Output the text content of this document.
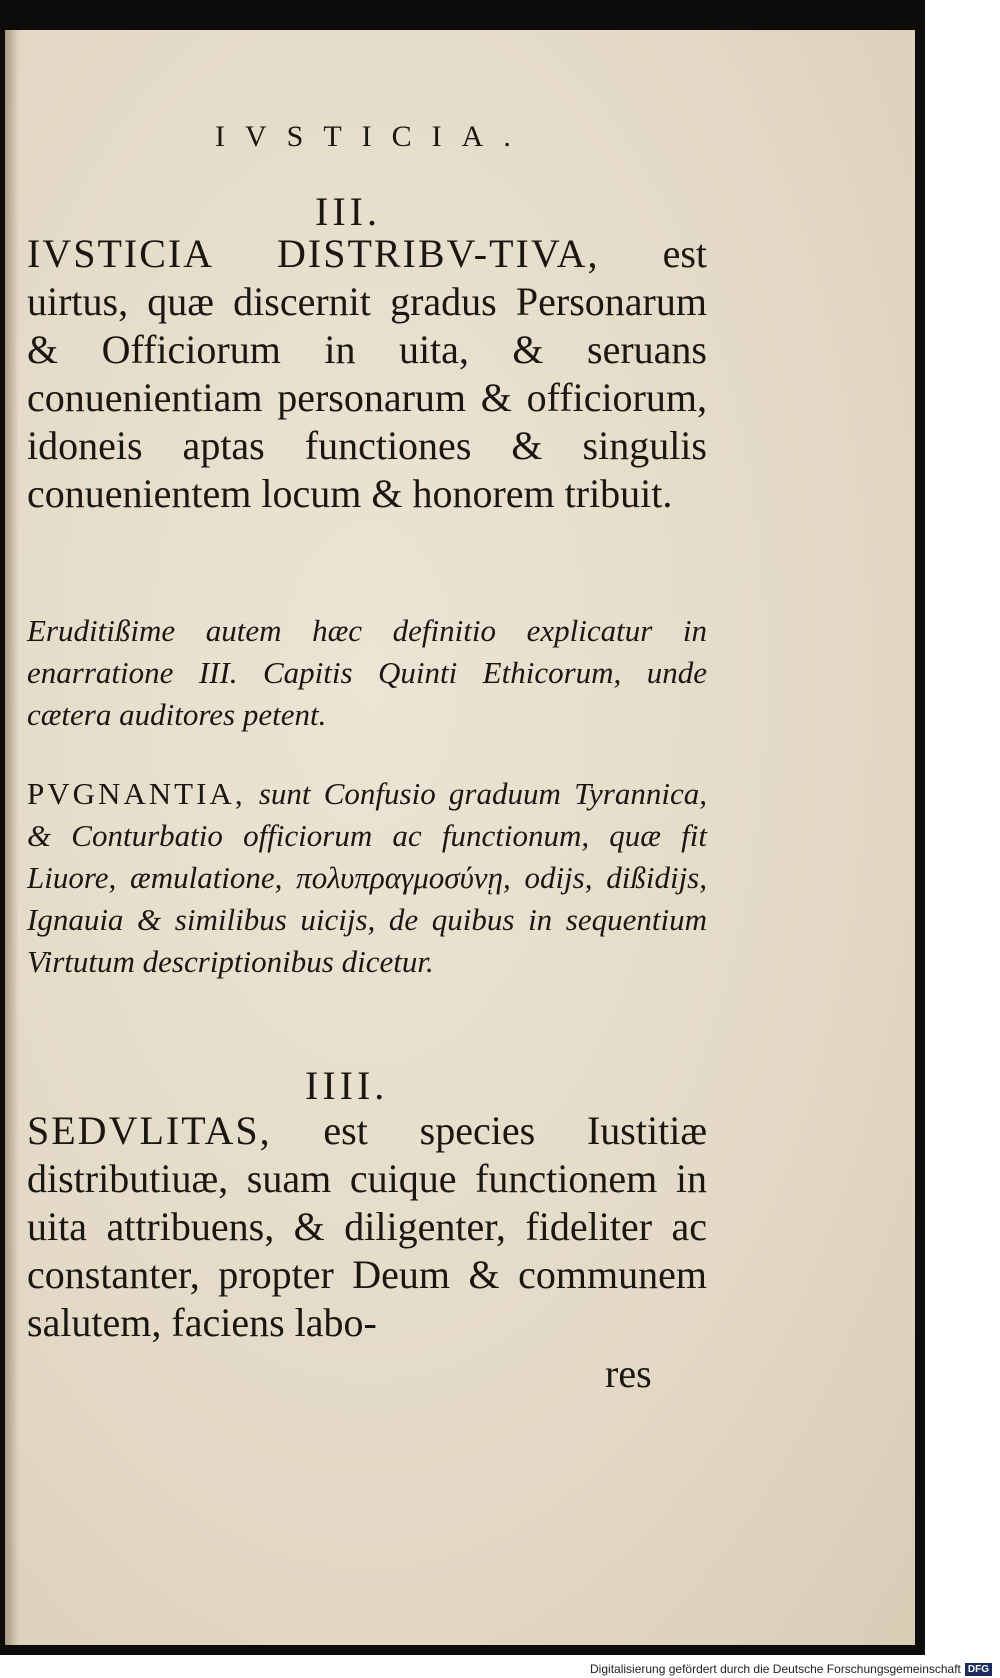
IVSTICIA.
III.
IVSTICIA DISTRIBV-TIVA, est uirtus, quæ discernit gradus Personarum & Officiorum in uita, & seruans conuenientiam personarum & officiorum, idoneis aptas functiones & singulis conuenientem locum & honorem tribuit.
Eruditißime autem hæc definitio explicatur in enarratione III. Capitis Quinti Ethicorum, unde cætera auditores petent.
PVGNANTIA, sunt Confusio graduum Tyrannica, & Conturbatio officiorum ac functionum, quæ fit Liuore, æmulatione, πολυπραγμοσύνῃ, odijs, dißidijs, Ignauia & similibus uicijs, de quibus in sequentium Virtutum descriptionibus dicetur.
IIII.
SEDVLITAS, est species Iustitiæ distributiuæ, suam cuique functionem in uita attribuens, & diligenter, fideliter ac constanter, propter Deum & communem salutem, faciens labo-
res
Digitalisierung gefördert durch die Deutsche Forschungsgemeinschaft DFG
